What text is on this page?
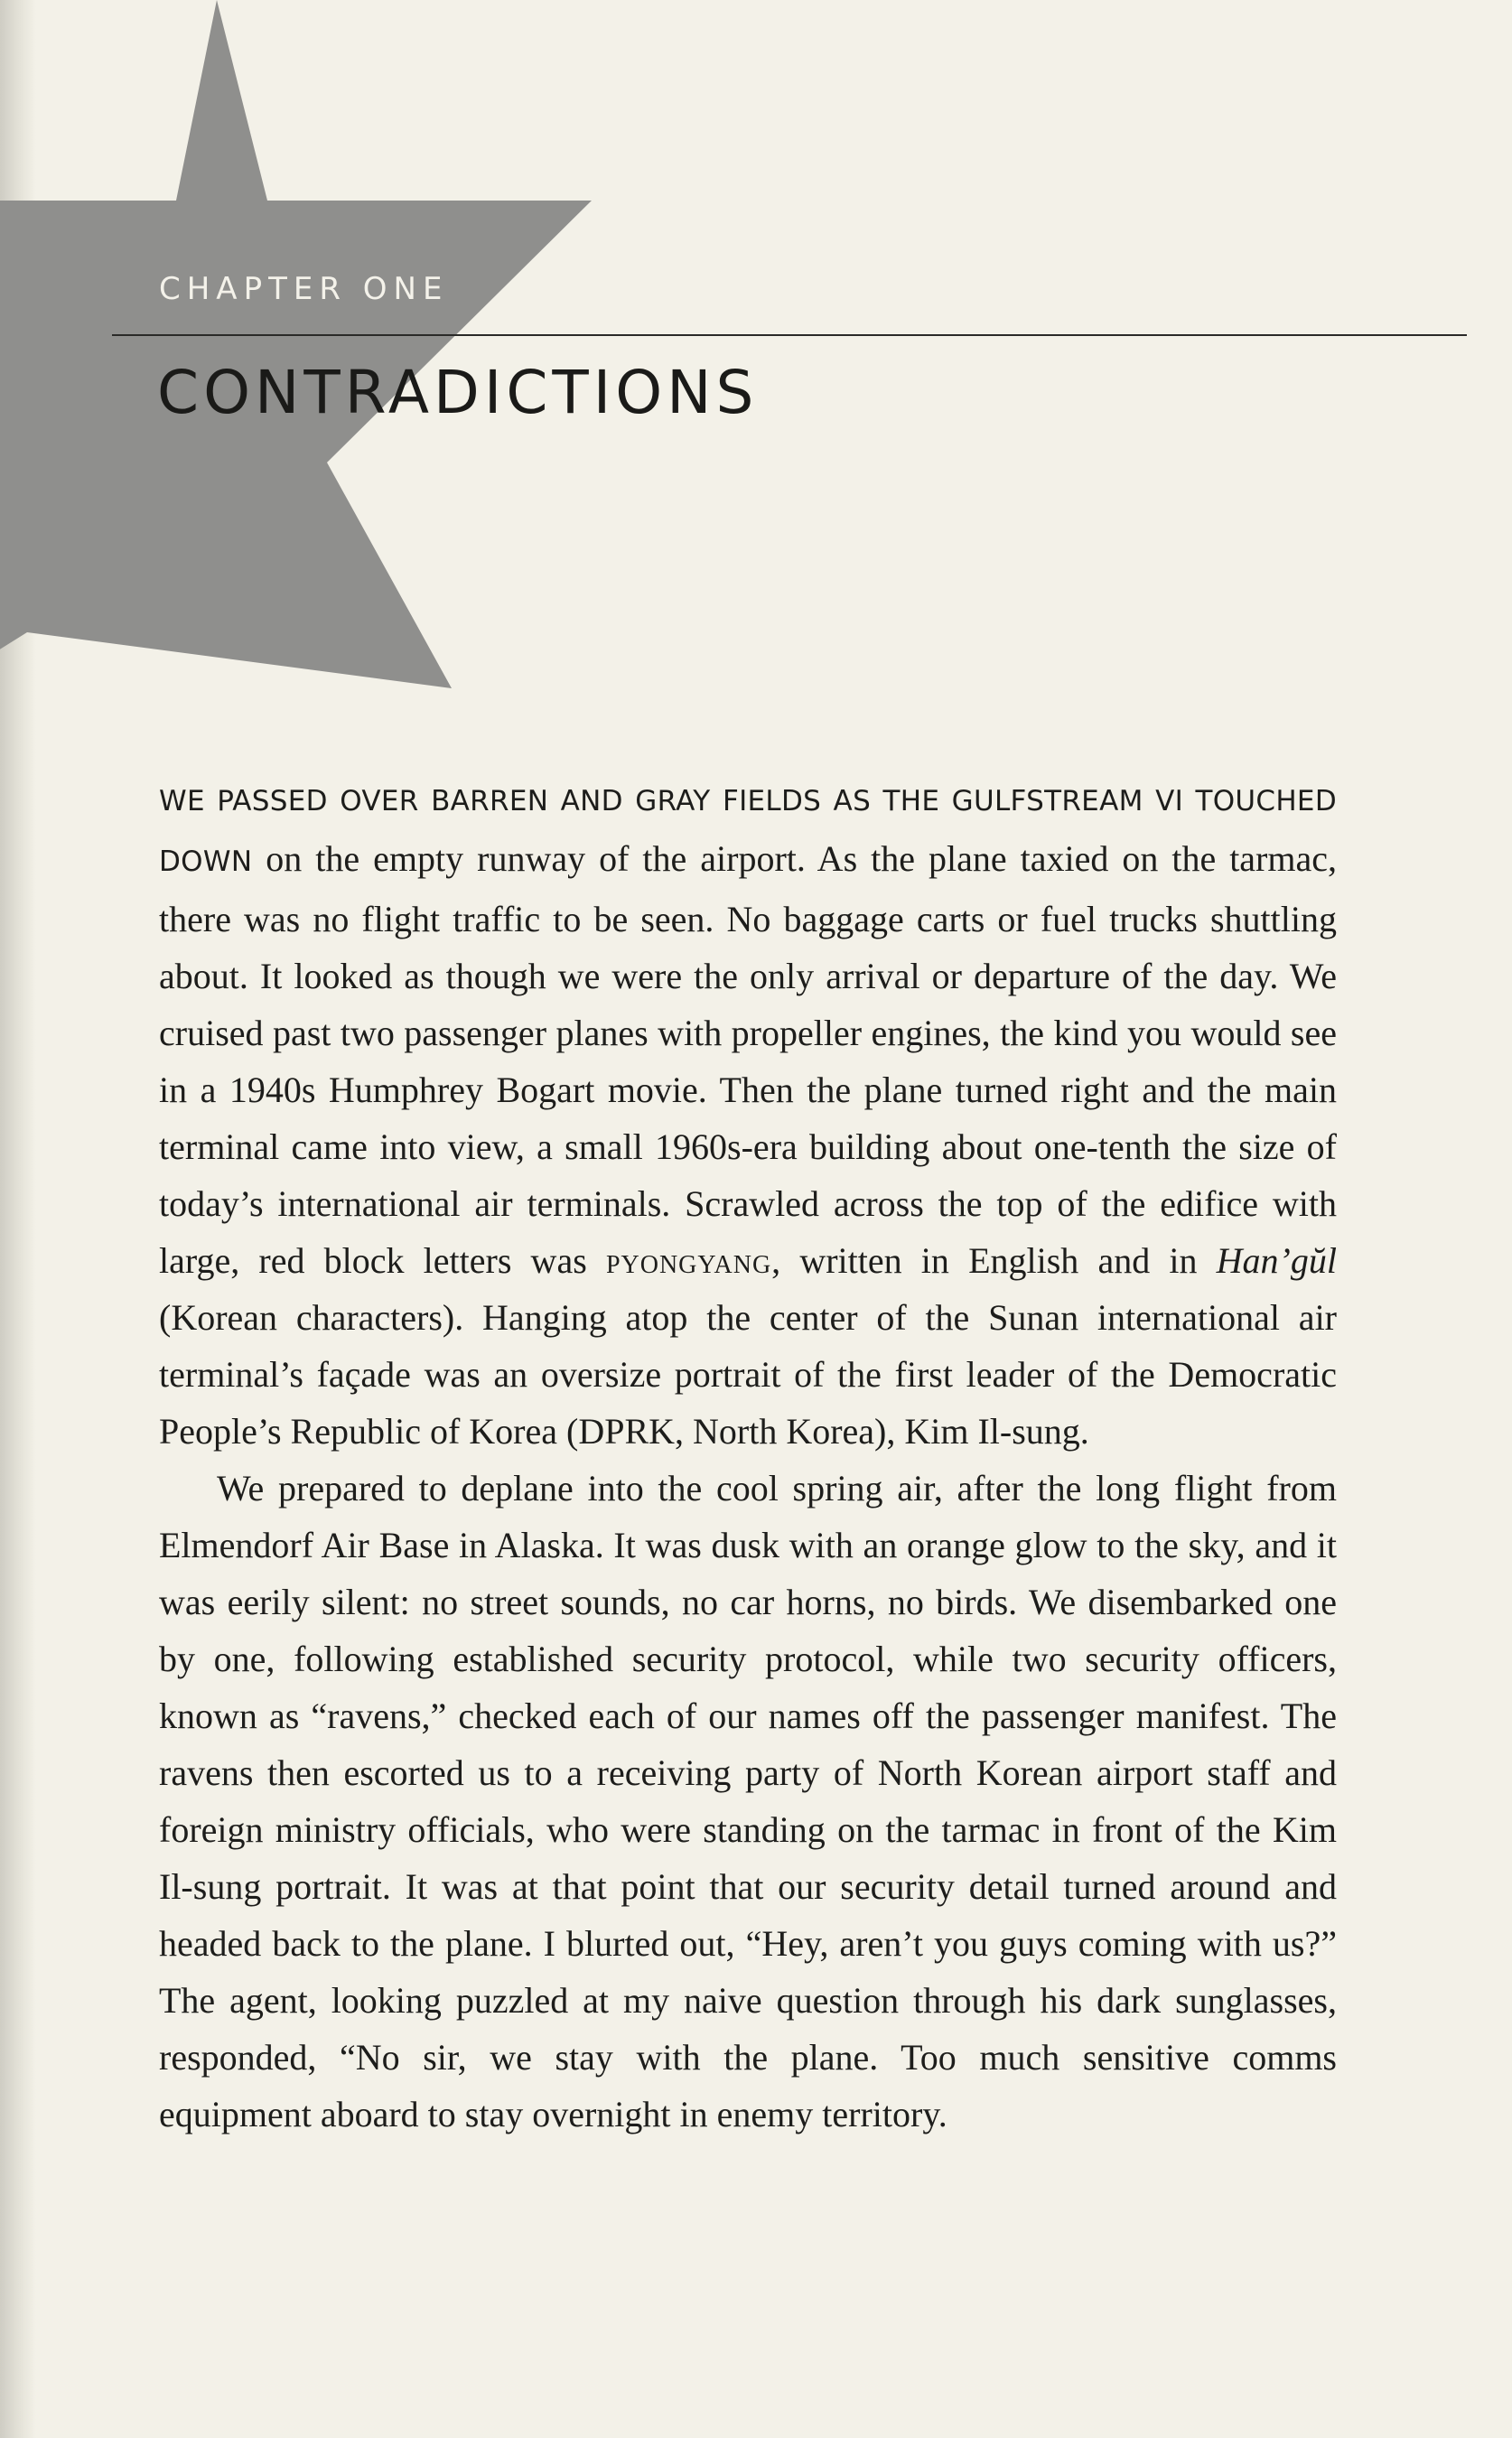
CHAPTER ONE
CONTRADICTIONS

WE PASSED OVER BARREN AND GRAY FIELDS AS THE GULFSTREAM VI TOUCHED DOWN on the empty runway of the airport. As the plane taxied on the tarmac, there was no flight traffic to be seen. No baggage carts or fuel trucks shuttling about. It looked as though we were the only arrival or departure of the day. We cruised past two passenger planes with propeller engines, the kind you would see in a 1940s Humphrey Bogart movie. Then the plane turned right and the main terminal came into view, a small 1960s-era building about one-tenth the size of today’s international air terminals. Scrawled across the top of the edifice with large, red block letters was pyongyang, written in English and in Han’gŭl (Korean characters). Hanging atop the center of the Sunan international air terminal’s façade was an oversize portrait of the first leader of the Democratic People’s Republic of Korea (DPRK, North Korea), Kim Il-sung.

We prepared to deplane into the cool spring air, after the long flight from Elmendorf Air Base in Alaska. It was dusk with an orange glow to the sky, and it was eerily silent: no street sounds, no car horns, no birds. We disembarked one by one, following established security protocol, while two security officers, known as “ravens,” checked each of our names off the passenger manifest. The ravens then escorted us to a receiving party of North Korean airport staff and foreign ministry officials, who were standing on the tarmac in front of the Kim Il-sung portrait. It was at that point that our security detail turned around and headed back to the plane. I blurted out, “Hey, aren’t you guys coming with us?” The agent, looking puzzled at my naive question through his dark sunglasses, responded, “No sir, we stay with the plane. Too much sensitive comms equipment aboard to stay overnight in enemy territory.
